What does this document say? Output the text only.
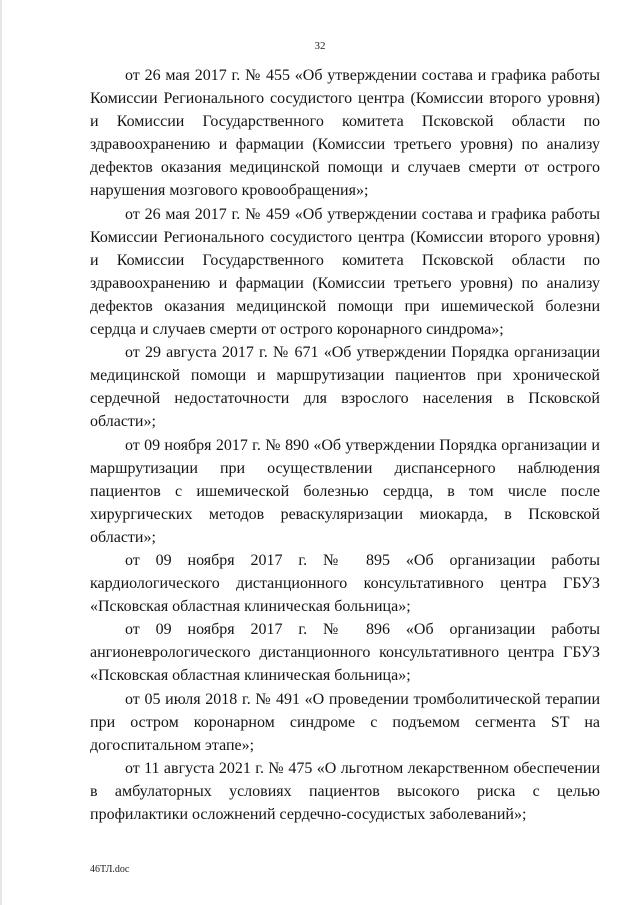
32

от 26 мая 2017 г. № 455 «Об утверждении состава и графика работы Комиссии Регионального сосудистого центра (Комиссии второго уровня) и Комиссии Государственного комитета Псковской области по здравоохранению и фармации (Комиссии третьего уровня) по анализу дефектов оказания медицинской помощи и случаев смерти от острого нарушения мозгового кровообращения»;

от 26 мая 2017 г. № 459 «Об утверждении состава и графика работы Комиссии Регионального сосудистого центра (Комиссии второго уровня) и Комиссии Государственного комитета Псковской области по здравоохранению и фармации (Комиссии третьего уровня) по анализу дефектов оказания медицинской помощи при ишемической болезни сердца и случаев смерти от острого коронарного синдрома»;

от 29 августа 2017 г. № 671 «Об утверждении Порядка организации медицинской помощи и маршрутизации пациентов при хронической сердечной недостаточности для взрослого населения в Псковской области»;

от 09 ноября 2017 г. № 890 «Об утверждении Порядка организации и маршрутизации при осуществлении диспансерного наблюдения пациентов с ишемической болезнью сердца, в том числе после хирургических методов реваскуляризации миокарда, в Псковской области»;

от 09 ноября 2017 г. № 895 «Об организации работы кардиологического дистанционного консультативного центра ГБУЗ «Псковская областная клиническая больница»;

от 09 ноября 2017 г. № 896 «Об организации работы ангионеврологического дистанционного консультативного центра ГБУЗ «Псковская областная клиническая больница»;

от 05 июля 2018 г. № 491 «О проведении тромболитической терапии при остром коронарном синдроме с подъемом сегмента ST на догоспитальном этапе»;

от 11 августа 2021 г. № 475 «О льготном лекарственном обеспечении в амбулаторных условиях пациентов высокого риска с целью профилактики осложнений сердечно-сосудистых заболеваний»;

46ТЛ.doc
